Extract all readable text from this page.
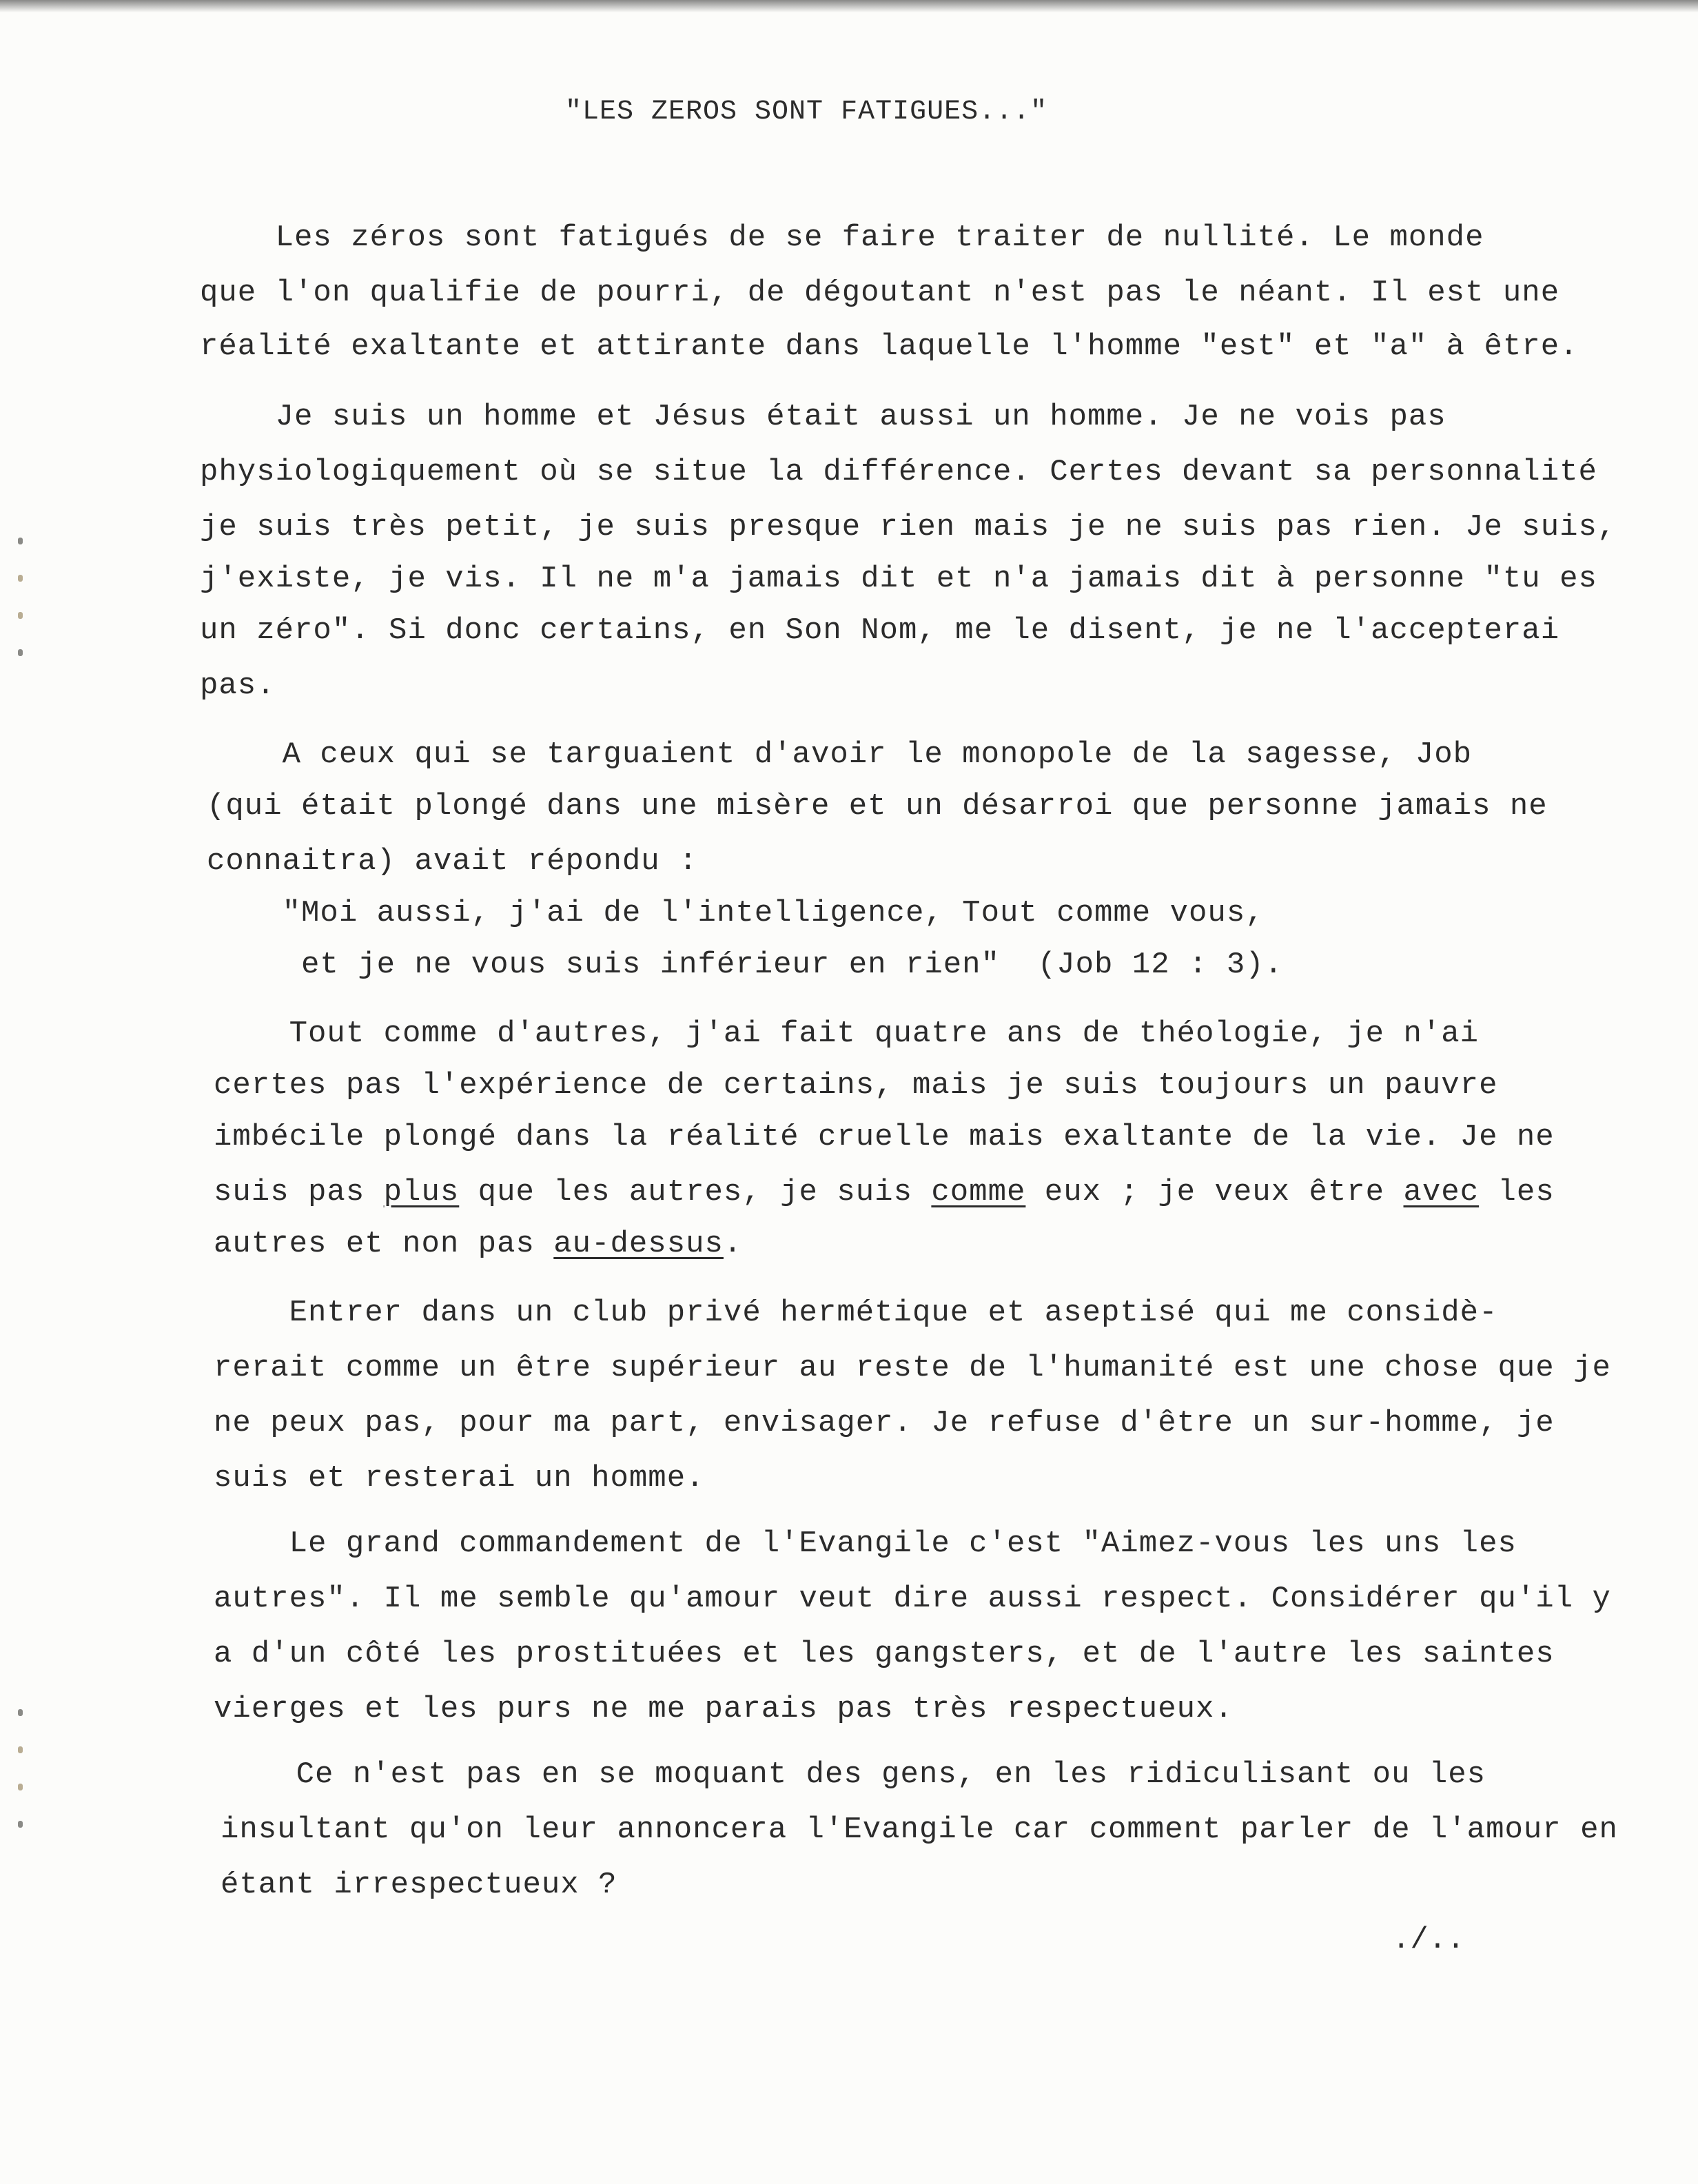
"LES ZEROS SONT FATIGUES..."
Les zéros sont fatigués de se faire traiter de nullité. Le monde
que l'on qualifie de pourri, de dégoutant n'est pas le néant. Il est une
réalité exaltante et attirante dans laquelle l'homme "est" et "a" à être.
Je suis un homme et Jésus était aussi un homme. Je ne vois pas
physiologiquement où se situe la différence. Certes devant sa personnalité
je suis très petit, je suis presque rien mais je ne suis pas rien. Je suis,
j'existe, je vis. Il ne m'a jamais dit et n'a jamais dit à personne "tu es
un zéro". Si donc certains, en Son Nom, me le disent, je ne l'accepterai
pas.
A ceux qui se targuaient d'avoir le monopole de la sagesse, Job
(qui était plongé dans une misère et un désarroi que personne jamais ne
connaitra) avait répondu :
"Moi aussi, j'ai de l'intelligence, Tout comme vous,
et je ne vous suis inférieur en rien"  (Job 12 : 3).
Tout comme d'autres, j'ai fait quatre ans de théologie, je n'ai
certes pas l'expérience de certains, mais je suis toujours un pauvre
imbécile plongé dans la réalité cruelle mais exaltante de la vie. Je ne
suis pas plus que les autres, je suis comme eux ; je veux être avec les
autres et non pas au-dessus.
Entrer dans un club privé hermétique et aseptisé qui me considè-
rerait comme un être supérieur au reste de l'humanité est une chose que je
ne peux pas, pour ma part, envisager. Je refuse d'être un sur-homme, je
suis et resterai un homme.
Le grand commandement de l'Evangile c'est "Aimez-vous les uns les
autres". Il me semble qu'amour veut dire aussi respect. Considérer qu'il y
a d'un côté les prostituées et les gangsters, et de l'autre les saintes
vierges et les purs ne me parais pas très respectueux.
Ce n'est pas en se moquant des gens, en les ridiculisant ou les
insultant qu'on leur annoncera l'Evangile car comment parler de l'amour en
étant irrespectueux ?
./..
